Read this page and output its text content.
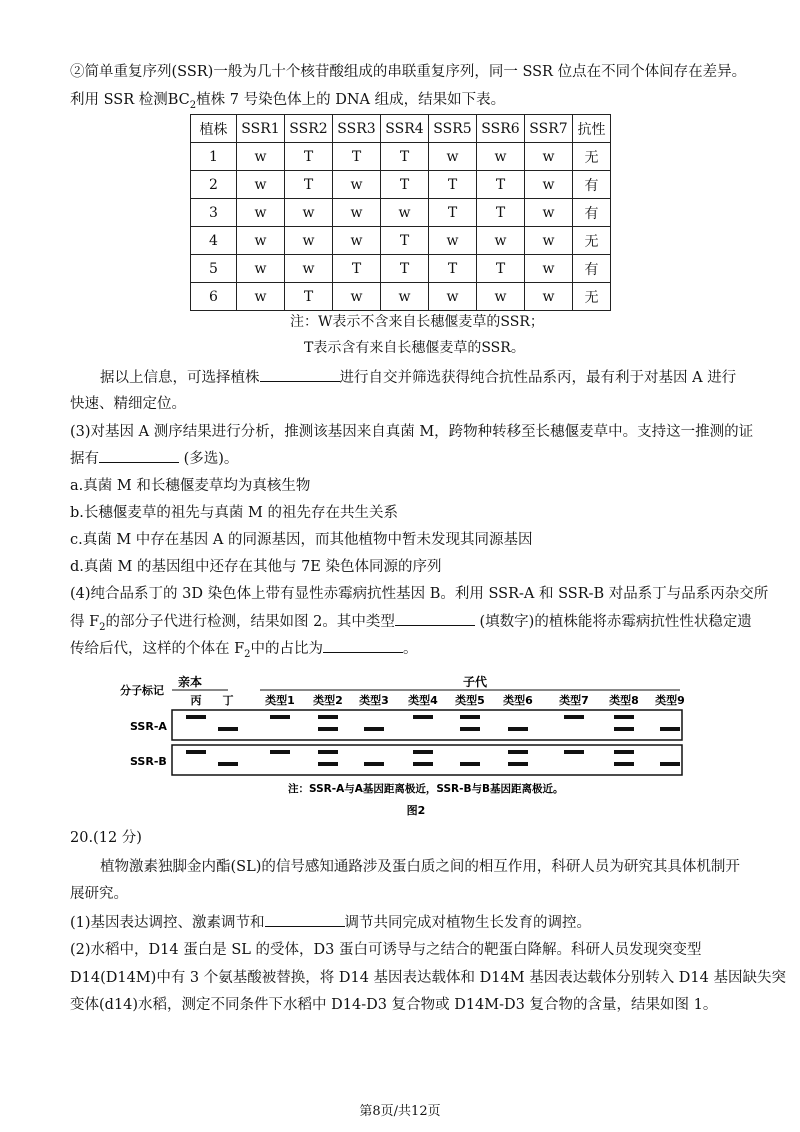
②简单重复序列(SSR)一般为几十个核苷酸组成的串联重复序列，同一 SSR 位点在不同个体间存在差异。
利用 SSR 检测$BC_2$植株 7 号染色体上的 DNA 组成，结果如下表。
植株	SSR1	SSR2	SSR3	SSR4	SSR5	SSR6	SSR7	抗性
1	w	T	T	T	w	w	w	无
2	w	T	w	T	T	T	w	有
3	w	w	w	w	T	T	w	有
4	w	w	w	T	w	w	w	无
5	w	w	T	T	T	T	w	有
6	w	T	w	w	w	w	w	无
注：W表示不含来自长穗偃麦草的SSR；
T表示含有来自长穗偃麦草的SSR。
据以上信息，可选择植株	进行自交并筛选获得纯合抗性品系丙，最有利于对基因 A 进行
快速、精细定位。
(3)对基因 A 测序结果进行分析，推测该基因来自真菌 M，跨物种转移至长穗偃麦草中。支持这一推测的证
据有	(多选)。
a.真菌 M 和长穗偃麦草均为真核生物
b.长穗偃麦草的祖先与真菌 M 的祖先存在共生关系
c.真菌 M 中存在基因 A 的同源基因，而其他植物中暂未发现其同源基因
d.真菌 M 的基因组中还存在其他与 7E 染色体同源的序列
(4)纯合品系丁的 3D 染色体上带有显性赤霉病抗性基因 B。利用 SSR-A 和 SSR-B 对品系丁与品系丙杂交所
得 $F_2$的部分子代进行检测，结果如图 2。其中类型	(填数字)的植株能将赤霉病抗性性状稳定遗
传给后代，这样的个体在 $F_2$中的占比为	。
分子标记
亲本	子代
丙 丁	类型1 类型2 类型3 类型4 类型5 类型6 类型7 类型8 类型9
SSR-A
SSR-B
注：SSR-A与A基因距离极近，SSR-B与B基因距离极近。
图2
20.(12 分)
植物激素独脚金内酯(SL)的信号感知通路涉及蛋白质之间的相互作用，科研人员为研究其具体机制开
展研究。
(1)基因表达调控、激素调节和	调节共同完成对植物生长发育的调控。
(2)水稻中，D14 蛋白是 SL 的受体，D3 蛋白可诱导与之结合的靶蛋白降解。科研人员发现突变型
D14(D14M)中有 3 个氨基酸被替换，将 D14 基因表达载体和 D14M 基因表达载体分别转入 D14 基因缺失突
变体(d14)水稻，测定不同条件下水稻中 D14-D3 复合物或 D14M-D3 复合物的含量，结果如图 1。
第8页/共12页
